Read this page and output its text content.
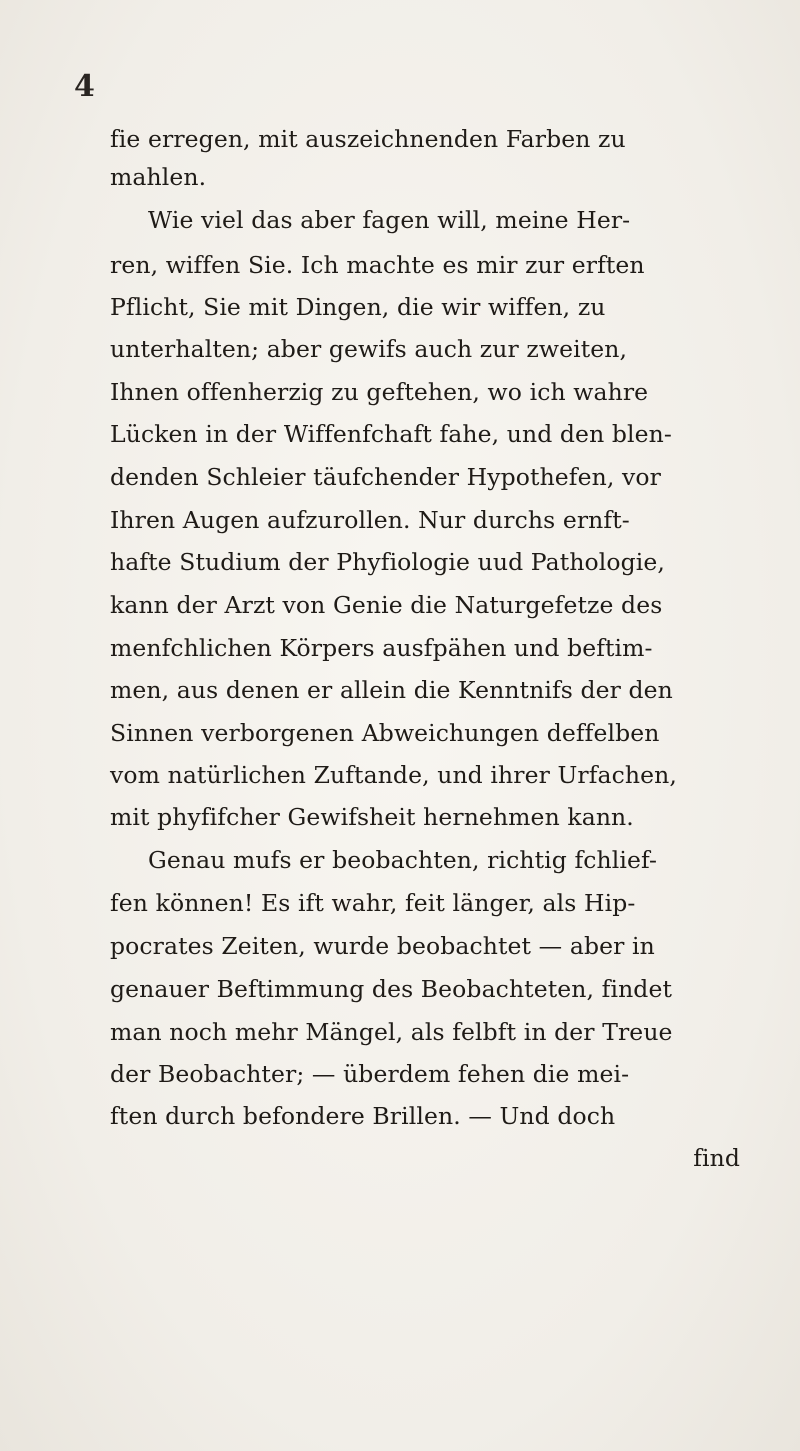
4
fie erregen, mit auszeichnenden Farben zu
mahlen.
Wie viel das aber fagen will, meine Her-
ren, wiffen Sie. Ich machte es mir zur erften
Pflicht, Sie mit Dingen, die wir wiffen, zu
unterhalten; aber gewifs auch zur zweiten,
Ihnen offenherzig zu geftehen, wo ich wahre
Lücken in der Wiffenfchaft fahe, und den blen-
denden Schleier täufchender Hypothefen, vor
Ihren Augen aufzurollen. Nur durchs ernft-
hafte Studium der Phyfiologie uud Pathologie,
kann der Arzt von Genie die Naturgefetze des
menfchlichen Körpers ausfpähen und beftim-
men, aus denen er allein die Kenntnifs der den
Sinnen verborgenen Abweichungen deffelben
vom natürlichen Zuftande, und ihrer Urfachen,
mit phyfifcher Gewifsheit hernehmen kann.
Genau mufs er beobachten, richtig fchlief-
fen können! Es ift wahr, feit länger, als Hip-
pocrates Zeiten, wurde beobachtet — aber in
genauer Beftimmung des Beobachteten, findet
man noch mehr Mängel, als felbft in der Treue
der Beobachter; — überdem fehen die mei-
ften durch befondere Brillen. — Und doch
find
